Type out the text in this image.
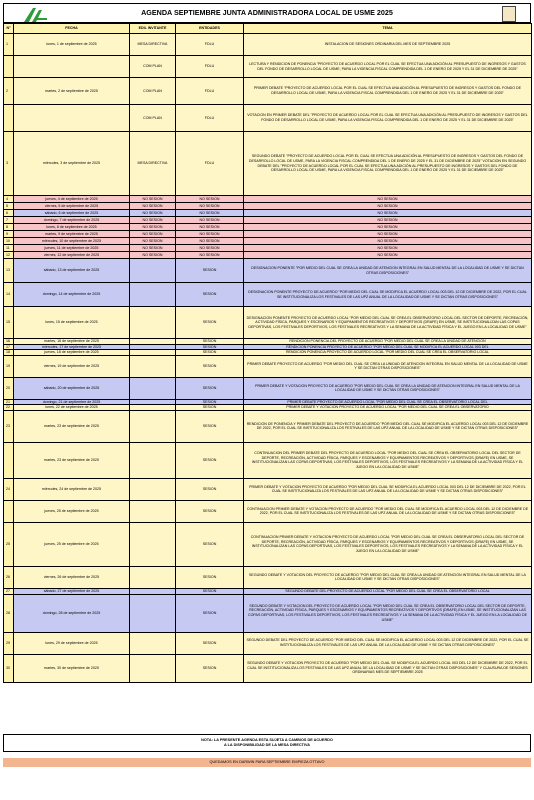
AGENDA SEPTIEMBRE JUNTA ADMINISTRADORA LOCAL DE USME 2025
N°	FECHA	EDIL INVITANTE	ENTIDADES	TEMA
1	lunes, 1 de septiembre de 2025	MESA DIRECTIVA	FDLU	INSTALACION DE SESIONES ORDINARIA DEL MES DE SEPTIEMBRE 2025
		COM PLAN	FDLU	LECTURA Y RENDICION DE PONENCIA "PROYECTO DE ACUERDO LOCAL POR EL CUAL SE EFECTUA UNA ADICIÓN AL PRESUPUESTO DE INGRESOS Y GASTOS DEL FONDO DE DESARROLLO LOCAL DE USME, PARA LA VIGENCIA FISCAL COMPRENDIDA DEL 1 DE ENERO DE 2025 Y EL 31 DE DICIEMBRE DE 2025"
2	martes, 2 de septiembre de 2025	COM PLAN	FDLU	PRIMER DEBATE "PROYECTO DE ACUERDO LOCAL POR EL CUAL SE EFECTUA UNA ADICIÓN AL PRESUPUESTO DE INGRESOS Y GASTOS DEL FONDO DE DESARROLLO LOCAL DE USME, PARA LA VIGENCIA FISCAL COMPRENDIDA DEL 1 DE ENERO DE 2025 Y EL 31 DE DICIEMBRE DE 2025"
		COM PLAN	FDLU	VOTACION EN PRIMER DEBATE DEL "PROYECTO DE ACUERDO LOCAL POR EL CUAL SE EFECTUA UNA ADICIÓN AL PRESUPUESTO DE INGRESOS Y GASTOS DEL FONDO DE DESARROLLO LOCAL DE USME, PARA LA VIGENCIA FISCAL COMPRENDIDA DEL 1 DE ENERO DE 2025 Y EL 31 DE DICIEMBRE DE 2025"
3	miércoles, 3 de septiembre de 2025	MESA DIRECTIVA	FDLU	SEGUNDO DEBATE "PROYECTO DE ACUERDO LOCAL POR EL CUAL SE EFECTUA UNA ADICIÓN AL PRESUPUESTO DE INGRESOS Y GASTOS DEL FONDO DE DESARROLLO LOCAL DE USME, PARA LA VIGENCIA FISCAL COMPRENDIDA DEL 1 DE ENERO DE 2025 Y EL 31 DE DICIEMBRE DE 2025" VOTACION EN SEGUNDO DEBATE DEL "PROYECTO DE ACUERDO LOCAL POR EL CUAL SE EFECTUA UNA ADICIÓN AL PRESUPUESTO DE INGRESOS Y GASTOS DEL FONDO DE DESARROLLO LOCAL DE USME, PARA LA VIGENCIA FISCAL COMPRENDIDA DEL 1 DE ENERO DE 2025 Y EL 31 DE DICIEMBRE DE 2025"
4	jueves, 4 de septiembre de 2025	NO SESION	NO SESION	NO SESION
5	viernes, 5 de septiembre de 2025	NO SESION	NO SESION	NO SESION
6	sábado, 6 de septiembre de 2025	NO SESION	NO SESION	NO SESION
7	domingo, 7 de septiembre de 2025	NO SESION	NO SESION	NO SESION
8	lunes, 8 de septiembre de 2025	NO SESION	NO SESION	NO SESION
9	martes, 9 de septiembre de 2025	NO SESION	NO SESION	NO SESION
10	miércoles, 10 de septiembre de 2025	NO SESION	NO SESION	NO SESION
11	jueves, 11 de septiembre de 2025	NO SESION	NO SESION	NO SESION
12	viernes, 12 de septiembre de 2025	NO SESION	NO SESION	NO SESION
13	sábado, 13 de septiembre de 2025		SESION	DESIGNACION PONENTE "POR MEDIO DEL CUAL SE CREA LA UNIDAD DE ATENCION INTEGRAL EN SALUD MENTAL DE LA LOCALIDAD DE USME Y SE DICTAN OTRAS DISPOSICIONES"
14	domingo, 14 de septiembre de 2025		SESION	DESIGNACION PONENTE PROYECTO DE ACUERDO "POR MEDIO DEL CUAL SE MODIFICA EL ACUERDO LOCAL 003 DEL 12 DE DICIEMBRE DE 2022, POR EL CUAL SE INSTITUCIONALIZA LOS FESTIVALES DE LAS UPZ ANUAL DE LA LOCALIDAD DE USME Y SE DICTAN OTRAS DISPOSICIONES"
15	lunes, 15 de septiembre de 2025		SESION	DESIGNACION PONENTE PROYECTO DE ACUERDO LOCAL "POR MEDIO DEL CUAL SE CREA EL OBSERVATORIO LOCAL DEL SECTOR DE DEPORTE, RECREACIÓN, ACTIVIDAD FÍSICA, PARQUES Y ESCENARIOS Y EQUIPAMIENTOS RECREATIVOS Y DEPORTIVOS (DRAFE) EN USME, SE INSTITUCIONALIZAN LAS COPAS DEPORTIVAS, LOS FESTIVALES DEPORTIVOS, LOS FESTIVALES RECREATIVOS Y LA SEMANA DE LA ACTIVIDAD FÍSICA Y EL JUEGO EN LA LOCALIDAD DE USME"
16	martes, 16 de septiembre de 2025		SESION	RENDICION PONENCIA DEL PROYECTO DE ACUERDO "POR MEDIO DEL CUAL SE CREA LA UNIDAD DE ATENCION
17	miércoles, 17 de septiembre de 2025		SESION	RENDICION PONENCIA PROYECTO DE ACUERDO "POR MEDIO DEL CUAL SE MODIFICA EL ACUERDO LOCAL 003 DEL
18	jueves, 18 de septiembre de 2025		SESION	RENDICION PONENCIA PROYECTO DE ACUERDO LOCAL "POR MEDIO DEL CUAL SE CREA EL OBSERVATORIO LOCAL
19	viernes, 19 de septiembre de 2025		SESION	PRIMER DEBATE PROYECTO DE ACUERDO "POR MEDIO DEL CUAL SE CREA LA UNIDAD DE ATENCION INTEGRAL EN SALUD MENTAL DE LA LOCALIDAD DE USME Y SE DICTAN OTRAS DISPOSICIONES"
20	sábado, 20 de septiembre de 2025		SESION	PRIMER DEBATE Y VOTACION PROYECTO DE ACUERDO "POR MEDIO DEL CUAL SE CREA LA UNIDAD DE ATENCION INTEGRAL EN SALUD MENTAL DE LA LOCALIDAD DE USME Y SE DICTAN OTRAS DISPOSICIONES"
21	domingo, 21 de septiembre de 2025		SESION	PRIMER DEBATE PROYECTO DE ACUERDO LOCAL "POR MEDIO DEL CUAL SE CREA EL OBSERVATORIO LOCAL DEL
22	lunes, 22 de septiembre de 2025		SESION	PRIMER DEBATE Y VOTACION PROYECTO DE ACUERDO LOCAL "POR MEDIO DEL CUAL SE CREA EL OBSERVATORIO
23	martes, 23 de septiembre de 2025		SESION	RENDICION DE PONENCIA Y PRIMER DEBATE DEL PROYECTO DE ACUERDO "POR MEDIO DEL CUAL SE MODIFICA EL ACUERDO LOCAL 003 DEL 12 DE DICIEMBRE DE 2022, POR EL CUAL SE INSTITUCIONALIZA LOS FESTIVALES DE LAS UPZ ANUAL DE LA LOCALIDAD DE USME Y SE DICTAN OTRAS DISPOSICIONES"
	martes, 23 de septiembre de 2025		SESION	CONTINUACION DEL PRIMER DEBATE DEL PROYECTO DE ACUERDO LOCAL "POR MEDIO DEL CUAL SE CREA EL OBSERVATORIO LOCAL DEL SECTOR DE DEPORTE, RECREACIÓN, ACTIVIDAD FÍSICA, PARQUES Y ESCENARIOS Y EQUIPAMIENTOS RECREATIVOS Y DEPORTIVOS (DRAFE) EN USME, SE INSTITUCIONALIZAN LAS COPAS DEPORTIVAS, LOS FESTIVALES DEPORTIVOS, LOS FESTIVALES RECREATIVOS Y LA SEMANA DE LA ACTIVIDAD FÍSICA Y EL JUEGO EN LA LOCALIDAD DE USME"
24	miércoles, 24 de septiembre de 2025		SESION	PRIMER DEBATE Y VOTACION PROYECTO DE ACUERDO "POR MEDIO DEL CUAL SE MODIFICA EL ACUERDO LOCAL 003 DEL 12 DE DICIEMBRE DE 2022, POR EL CUAL SE INSTITUCIONALIZA LOS FESTIVALES DE LAS UPZ ANUAL DE LA LOCALIDAD DE USME Y SE DICTAN OTRAS DISPOSICIONES"
	jueves, 25 de septiembre de 2025		SESION	CONTINUACION PRIMER DEBATE Y VOTACION PROYECTO DE ACUERDO "POR MEDIO DEL CUAL SE MODIFICA EL ACUERDO LOCAL 003 DEL 12 DE DICIEMBRE DE 2022, POR EL CUAL SE INSTITUCIONALIZA LOS FESTIVALES DE LAS UPZ ANUAL DE LA LOCALIDAD DE USME Y SE DICTAN OTRAS DISPOSICIONES"
25	jueves, 25 de septiembre de 2025		SESION	CONTINUACION PRIMER DEBATE Y VOTACION PROYECTO DE ACUERDO LOCAL "POR MEDIO DEL CUAL SE CREA EL OBSERVATORIO LOCAL DEL SECTOR DE DEPORTE, RECREACIÓN, ACTIVIDAD FÍSICA, PARQUES Y ESCENARIOS Y EQUIPAMIENTOS RECREATIVOS Y DEPORTIVOS (DRAFE) EN USME, SE INSTITUCIONALIZAN LAS COPAS DEPORTIVAS, LOS FESTIVALES DEPORTIVOS, LOS FESTIVALES RECREATIVOS Y LA SEMANA DE LA ACTIVIDAD FÍSICA Y EL JUEGO EN LA LOCALIDAD DE USME"
26	viernes, 26 de septiembre de 2025		SESION	SEGUNDO DEBATE Y VOTACION DEL PROYECTO DE ACUERDO "POR MEDIO DEL CUAL SE CREA LA UNIDAD DE ATENCION INTEGRAL EN SALUD MENTAL DE LA LOCALIDAD DE USME Y SE DICTAN OTRAS DISPOSICIONES"
27	sábado, 27 de septiembre de 2025		SESION	SEGUNDO DEBATE DEL PROYECTO DE ACUERDO LOCAL "POR MEDIO DEL CUAL SE CREA EL OBSERVATORIO LOCAL
28	domingo, 28 de septiembre de 2025		SESION	SEGUNDO DEBATE Y VOTACION DEL PROYECTO DE ACUERDO LOCAL "POR MEDIO DEL CUAL SE CREA EL OBSERVATORIO LOCAL DEL SECTOR DE DEPORTE, RECREACIÓN, ACTIVIDAD FÍSICA, PARQUES Y ESCENARIOS Y EQUIPAMIENTOS RECREATIVOS Y DEPORTIVOS (DRAFE) EN USME, SE INSTITUCIONALIZAN LAS COPAS DEPORTIVAS, LOS FESTIVALES DEPORTIVOS, LOS FESTIVALES RECREATIVOS Y LA SEMANA DE LA ACTIVIDAD FÍSICA Y EL JUEGO EN LA LOCALIDAD DE USME"
29	lunes, 29 de septiembre de 2025		SESION	SEGUNDO DEBATE DEL PROYECTO DE ACUERDO "POR MEDIO DEL CUAL SE MODIFICA EL ACUERDO LOCAL 003 DEL 12 DE DICIEMBRE DE 2022, POR EL CUAL SE INSTITUCIONALIZA LOS FESTIVALES DE LAS UPZ ANUAL DE LA LOCALIDAD DE USME Y SE DICTAN OTRAS DISPOSICIONES"
30	martes, 30 de septiembre de 2025		SESION	SEGUNDO DEBATE Y VOTACION PROYECTO DE ACUERDO "POR MEDIO DEL CUAL SE MODIFICA EL ACUERDO LOCAL 003 DEL 12 DE DICIEMBRE DE 2022, POR EL CUAL SE INSTITUCIONALIZA LOS FESTIVALES DE LAS UPZ ANUAL DE LA LOCALIDAD DE USME Y SE DICTAN OTRAS DISPOSICIONES" Y CLAUSURA DE SESIONES ORDINARIAS MES DE SEPTIEMBRE 2025
NOTA: LA PRESENTE AGENDA ESTA SUJETA A CAMBIOS DE ACUERDO
A LA DISPONIBILIDAD DE LA MESA DIRECTIVA
QUEDAMOS EN DARWIN PARA SEPTIEMBRE EMPIEZA OTTAVO
